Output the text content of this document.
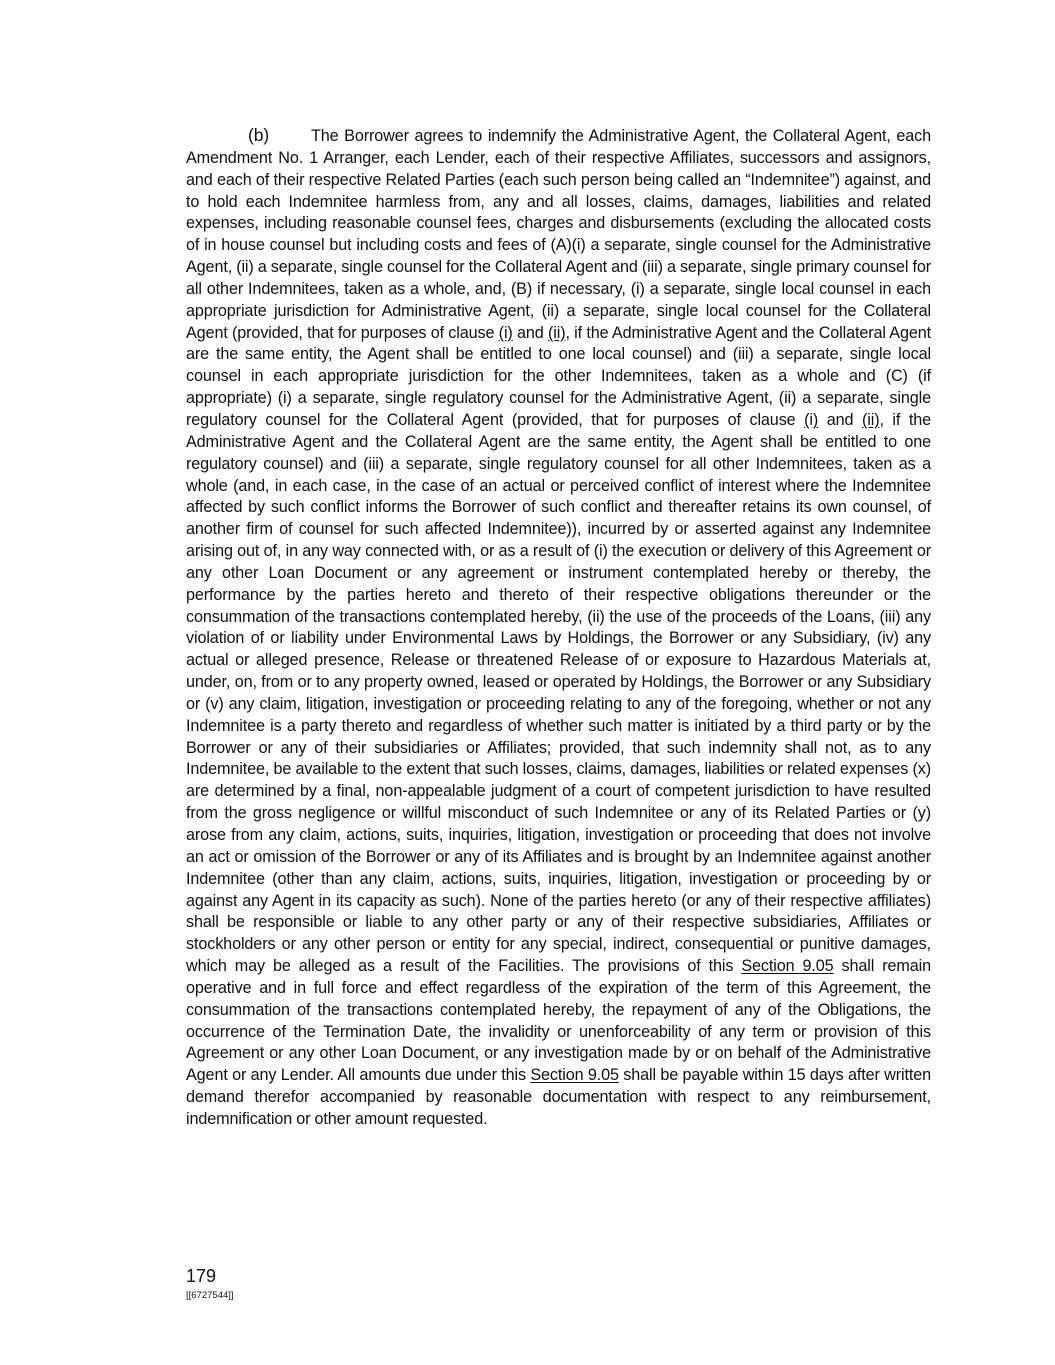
(b)	The Borrower agrees to indemnify the Administrative Agent, the Collateral Agent, each Amendment No. 1 Arranger, each Lender, each of their respective Affiliates, successors and assignors, and each of their respective Related Parties (each such person being called an “Indemnitee”) against, and to hold each Indemnitee harmless from, any and all losses, claims, damages, liabilities and related expenses, including reasonable counsel fees, charges and disbursements (excluding the allocated costs of in house counsel but including costs and fees of (A)(i) a separate, single counsel for the Administrative Agent, (ii) a separate, single counsel for the Collateral Agent and (iii) a separate, single primary counsel for all other Indemnitees, taken as a whole, and, (B) if necessary, (i) a separate, single local counsel in each appropriate jurisdiction for Administrative Agent, (ii) a separate, single local counsel for the Collateral Agent (provided, that for purposes of clause (i) and (ii), if the Administrative Agent and the Collateral Agent are the same entity, the Agent shall be entitled to one local counsel) and (iii) a separate, single local counsel in each appropriate jurisdiction for the other Indemnitees, taken as a whole and (C) (if appropriate) (i) a separate, single regulatory counsel for the Administrative Agent, (ii) a separate, single regulatory counsel for the Collateral Agent (provided, that for purposes of clause (i) and (ii), if the Administrative Agent and the Collateral Agent are the same entity, the Agent shall be entitled to one regulatory counsel) and (iii) a separate, single regulatory counsel for all other Indemnitees, taken as a whole (and, in each case, in the case of an actual or perceived conflict of interest where the Indemnitee affected by such conflict informs the Borrower of such conflict and thereafter retains its own counsel, of another firm of counsel for such affected Indemnitee)), incurred by or asserted against any Indemnitee arising out of, in any way connected with, or as a result of (i) the execution or delivery of this Agreement or any other Loan Document or any agreement or instrument contemplated hereby or thereby, the performance by the parties hereto and thereto of their respective obligations thereunder or the consummation of the transactions contemplated hereby, (ii) the use of the proceeds of the Loans, (iii) any violation of or liability under Environmental Laws by Holdings, the Borrower or any Subsidiary, (iv) any actual or alleged presence, Release or threatened Release of or exposure to Hazardous Materials at, under, on, from or to any property owned, leased or operated by Holdings, the Borrower or any Subsidiary or (v) any claim, litigation, investigation or proceeding relating to any of the foregoing, whether or not any Indemnitee is a party thereto and regardless of whether such matter is initiated by a third party or by the Borrower or any of their subsidiaries or Affiliates; provided, that such indemnity shall not, as to any Indemnitee, be available to the extent that such losses, claims, damages, liabilities or related expenses (x) are determined by a final, non-appealable judgment of a court of competent jurisdiction to have resulted from the gross negligence or willful misconduct of such Indemnitee or any of its Related Parties or (y) arose from any claim, actions, suits, inquiries, litigation, investigation or proceeding that does not involve an act or omission of the Borrower or any of its Affiliates and is brought by an Indemnitee against another Indemnitee (other than any claim, actions, suits, inquiries, litigation, investigation or proceeding by or against any Agent in its capacity as such). None of the parties hereto (or any of their respective affiliates) shall be responsible or liable to any other party or any of their respective subsidiaries, Affiliates or stockholders or any other person or entity for any special, indirect, consequential or punitive damages, which may be alleged as a result of the Facilities. The provisions of this Section 9.05 shall remain operative and in full force and effect regardless of the expiration of the term of this Agreement, the consummation of the transactions contemplated hereby, the repayment of any of the Obligations, the occurrence of the Termination Date, the invalidity or unenforceability of any term or provision of this Agreement or any other Loan Document, or any investigation made by or on behalf of the Administrative Agent or any Lender. All amounts due under this Section 9.05 shall be payable within 15 days after written demand therefor accompanied by reasonable documentation with respect to any reimbursement, indemnification or other amount requested.
179
[[6727544]]
